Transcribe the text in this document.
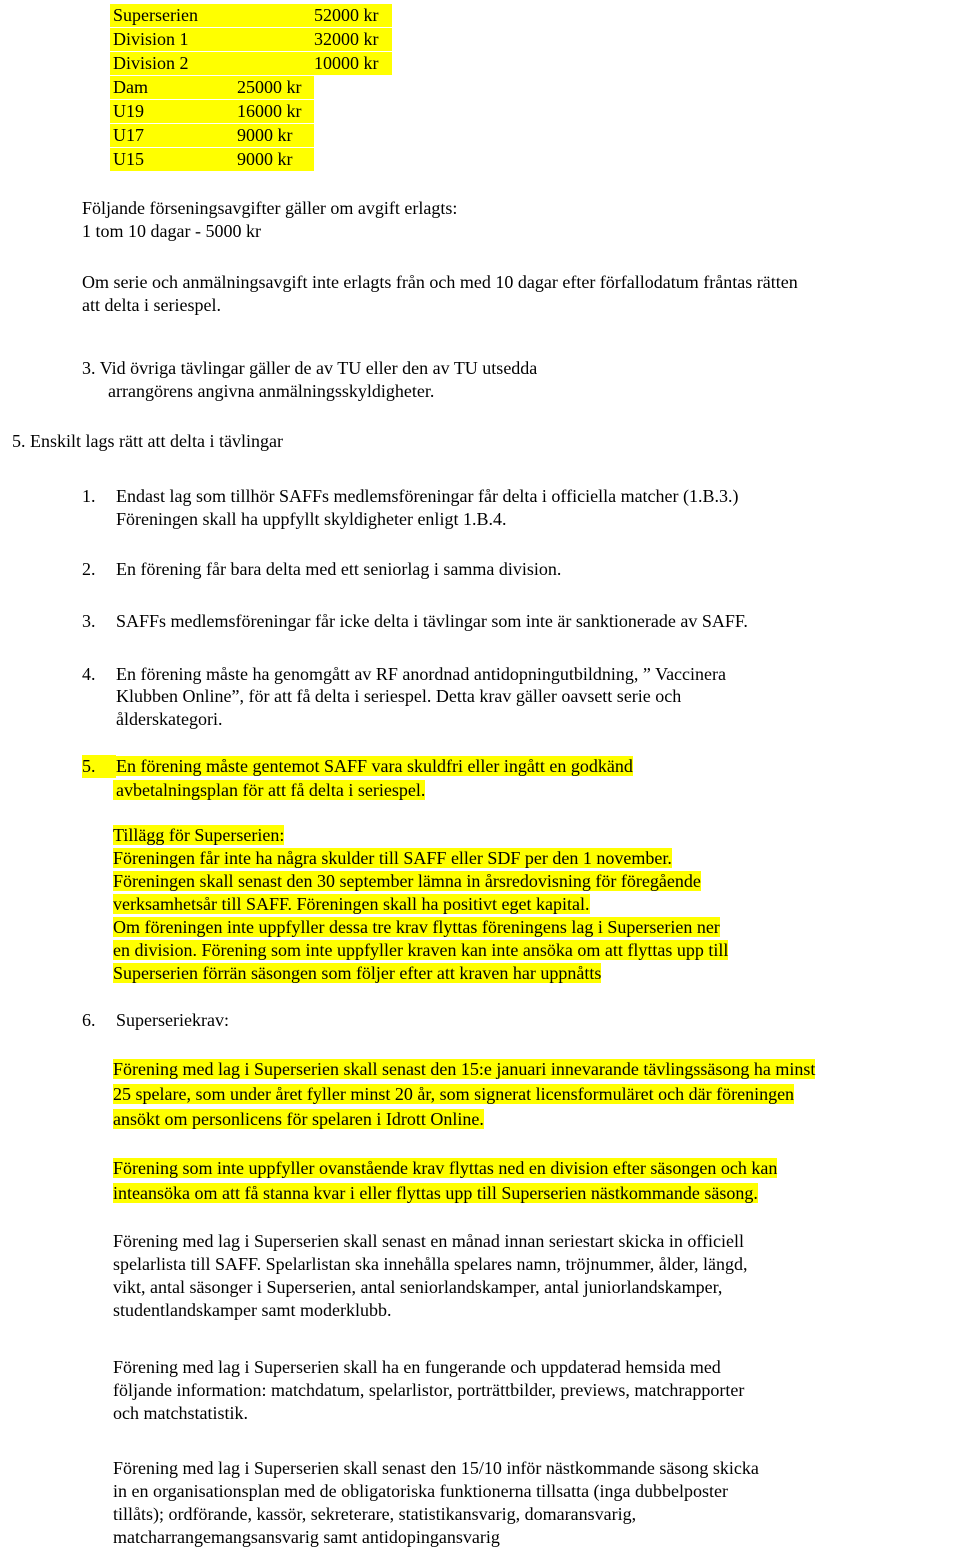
Superserien	52000 kr
Division 1	32000 kr
Division 2	10000 kr
Dam	25000 kr
U19	16000 kr
U17	9000 kr
U15	9000 kr
Följande förseningsavgifter gäller om avgift erlagts:
1 tom 10 dagar - 5000 kr
Om serie och anmälningsavgift inte erlagts från och med 10 dagar efter förfallodatum fråntas rätten
att delta i seriespel.
3. Vid övriga tävlingar gäller de av TU eller den av TU utsedda
arrangörens angivna anmälningsskyldigheter.
5. Enskilt lags rätt att delta i tävlingar
1. Endast lag som tillhör SAFFs medlemsföreningar får delta i officiella matcher (1.B.3.)
Föreningen skall ha uppfyllt skyldigheter enligt 1.B.4.
2. En förening får bara delta med ett seniorlag i samma division.
3. SAFFs medlemsföreningar får icke delta i tävlingar som inte är sanktionerade av SAFF.
4. En förening måste ha genomgått av RF anordnad antidopningutbildning, ” Vaccinera
Klubben Online”, för att få delta i seriespel. Detta krav gäller oavsett serie och
ålderskategori.
5. En förening måste gentemot SAFF vara skuldfri eller ingått en godkänd
avbetalningsplan för att få delta i seriespel.
Tillägg för Superserien:
Föreningen får inte ha några skulder till SAFF eller SDF per den 1 november.
Föreningen skall senast den 30 september lämna in årsredovisning för föregående
verksamhetsår till SAFF. Föreningen skall ha positivt eget kapital.
Om föreningen inte uppfyller dessa tre krav flyttas föreningens lag i Superserien ner
en division. Förening som inte uppfyller kraven kan inte ansöka om att flyttas upp till
Superserien förrän säsongen som följer efter att kraven har uppnåtts
6. Superseriekrav:
Förening med lag i Superserien skall senast den 15:e januari innevarande tävlingssäsong ha minst
25 spelare, som under året fyller minst 20 år, som signerat licensformuläret och där föreningen
ansökt om personlicens för spelaren i Idrott Online.
Förening som inte uppfyller ovanstående krav flyttas ned en division efter säsongen och kan
inteansöka om att få stanna kvar i eller flyttas upp till Superserien nästkommande säsong.
Förening med lag i Superserien skall senast en månad innan seriestart skicka in officiell
spelarlista till SAFF. Spelarlistan ska innehålla spelares namn, tröjnummer, ålder, längd,
vikt, antal säsonger i Superserien, antal seniorlandskamper, antal juniorlandskamper,
studentlandskamper samt moderklubb.
Förening med lag i Superserien skall ha en fungerande och uppdaterad hemsida med
följande information: matchdatum, spelarlistor, porträttbilder, previews, matchrapporter
och matchstatistik.
Förening med lag i Superserien skall senast den 15/10 inför nästkommande säsong skicka
in en organisationsplan med de obligatoriska funktionerna tillsatta (inga dubbelposter
tillåts); ordförande, kassör, sekreterare, statistikansvarig, domaransvarig,
matcharrangemangsansvarig samt antidopingansvarig
